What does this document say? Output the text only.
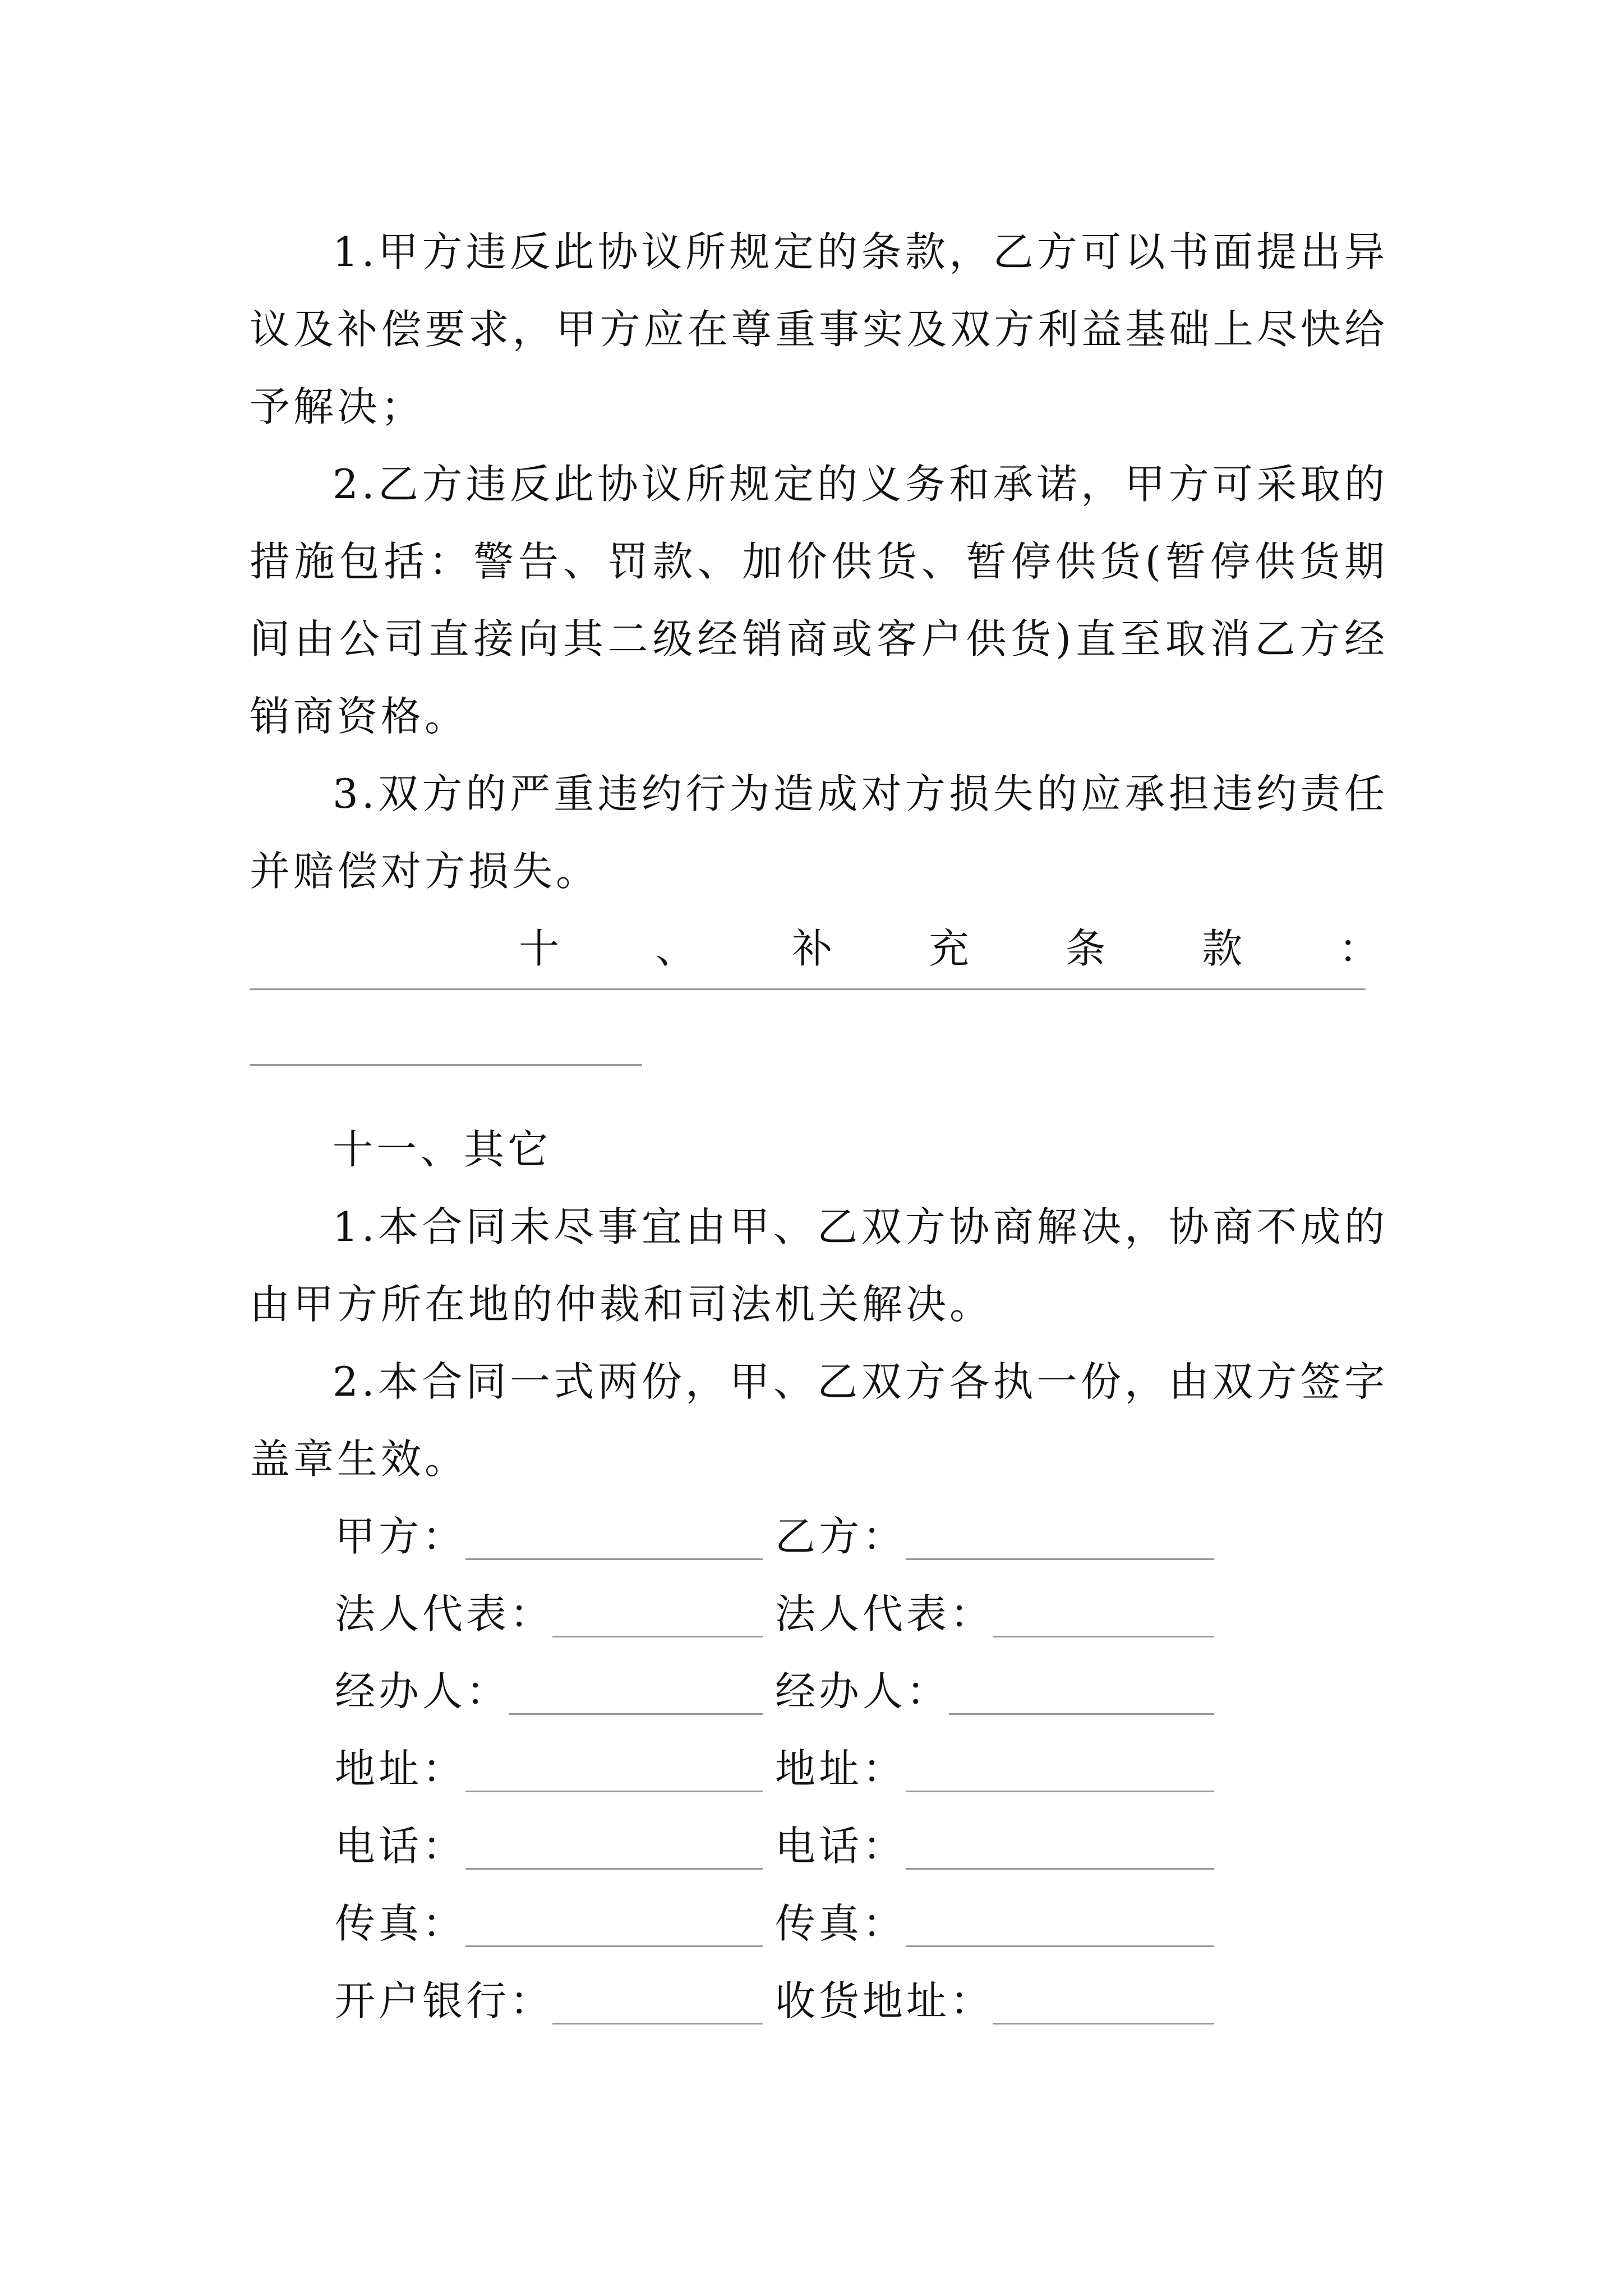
1.甲方违反此协议所规定的条款，乙方可以书面提出异议及补偿要求，甲方应在尊重事实及双方利益基础上尽快给予解决；

2.乙方违反此协议所规定的义务和承诺，甲方可采取的措施包括：警告、罚款、加价供货、暂停供货(暂停供货期间由公司直接向其二级经销商或客户供货)直至取消乙方经销商资格。

3.双方的严重违约行为造成对方损失的应承担违约责任并赔偿对方损失。

十 、 补 充 条 款 ：

十一、其它

1.本合同未尽事宜由甲、乙双方协商解决，协商不成的由甲方所在地的仲裁和司法机关解决。

2.本合同一式两份，甲、乙双方各执一份，由双方签字盖章生效。

甲方：	乙方：
法人代表：	法人代表：
经办人：	经办人：
地址：	地址：
电话：	电话：
传真：	传真：
开户银行：	收货地址：
